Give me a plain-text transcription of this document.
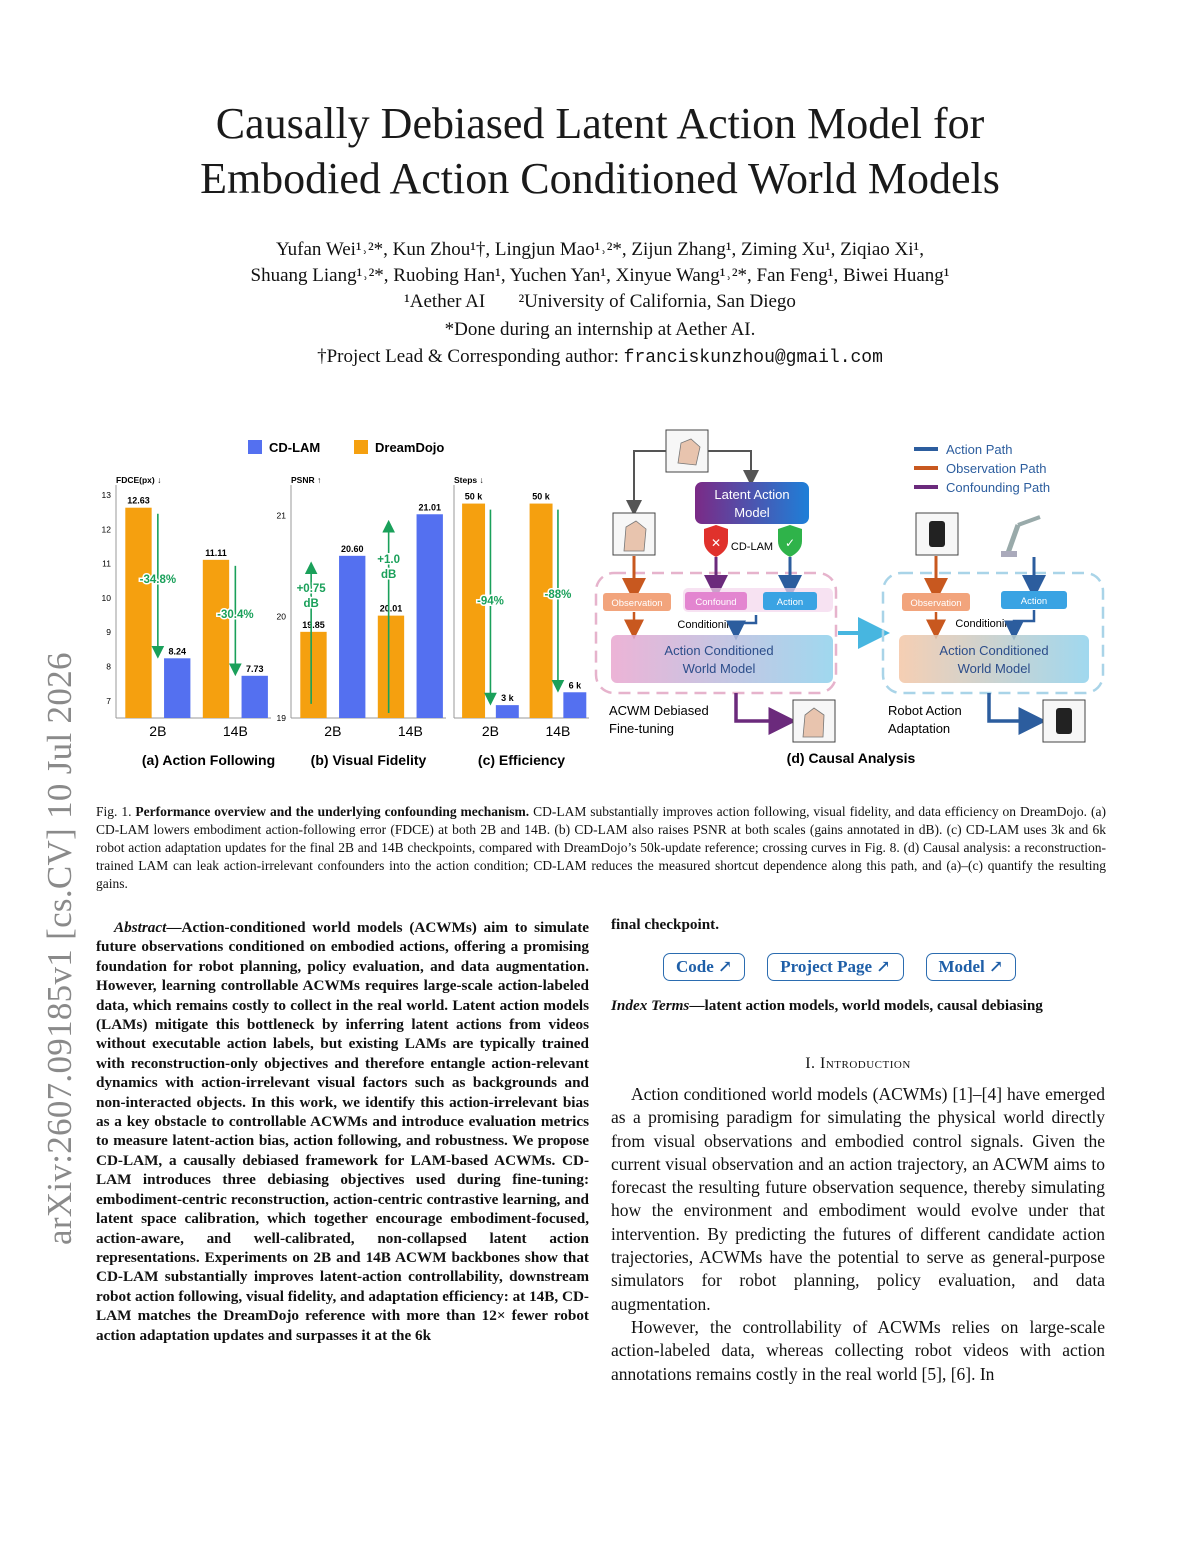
arXiv:2607.09185v1 [cs.CV] 10 Jul 2026
Causally Debiased Latent Action Model for
Embodied Action Conditioned World Models
Yufan Wei¹˒²*, Kun Zhou¹†, Lingjun Mao¹˒²*, Zijun Zhang¹, Ziming Xu¹, Ziqiao Xi¹,
Shuang Liang¹˒²*, Ruobing Han¹, Yuchen Yan¹, Xinyue Wang¹˒²*, Fan Feng¹, Biwei Huang¹
¹Aether AI ²University of California, San Diego
*Done during an internship at Aether AI.
†Project Lead & Corresponding author: franciskunzhou@gmail.com
CD-LAM	DreamDojo
FDCE(px) ↓
7
8
9
10
11
12
13
12.63
8.24
2B
-34.8%
11.11
7.73
14B
-30.4%
(a) Action Following
PSNR ↑
19
20
21
19.85
20.60
2B
+0.75
dB	20.01
21.01
14B
+1.0
dB
(b) Visual Fidelity
Steps ↓
50 k
3 k
2B
-94%
50 k
6 k
14B
-88%
(c) Efficiency
Action Path
Observation Path
Confounding Path
Latent Action
Model
✕ CD-LAM ✓
Observation	Confound	Action
Conditioning
Action Conditioned
World Model
ACWM Debiased
Fine-tuning
Observation	Action
Conditioning
Action Conditioned
World Model
Robot Action
Adaptation
(d) Causal Analysis
Fig. 1. Performance overview and the underlying confounding mechanism. CD-LAM substantially improves action following, visual fidelity, and data efficiency on DreamDojo. (a) CD-LAM lowers embodiment action-following error (FDCE) at both 2B and 14B. (b) CD-LAM also raises PSNR at both scales (gains annotated in dB). (c) CD-LAM uses 3k and 6k robot action adaptation updates for the final 2B and 14B checkpoints, compared with DreamDojo’s 50k-update reference; crossing curves in Fig. 8. (d) Causal analysis: a reconstruction-trained LAM can leak action-irrelevant confounders into the action condition; CD-LAM reduces the measured shortcut dependence along this path, and (a)–(c) quantify the resulting gains.
Abstract—Action-conditioned world models (ACWMs) aim to simulate future observations conditioned on embodied actions, offering a promising foundation for robot planning, policy evaluation, and data augmentation. However, learning controllable ACWMs requires large-scale action-labeled data, which remains costly to collect in the real world. Latent action models (LAMs) mitigate this bottleneck by inferring latent actions from videos without executable action labels, but existing LAMs are typically trained with reconstruction-only objectives and therefore entangle action-relevant dynamics with action-irrelevant visual factors such as backgrounds and non-interacted objects. In this work, we identify this action-irrelevant bias as a key obstacle to controllable ACWMs and introduce evaluation metrics to measure latent-action bias, action following, and robustness. We propose CD-LAM, a causally debiased framework for LAM-based ACWMs. CD-LAM introduces three debiasing objectives used during fine-tuning: embodiment-centric reconstruction, action-centric contrastive learning, and latent space calibration, which together encourage embodiment-focused, action-aware, and well-calibrated, non-collapsed latent action representations. Experiments on 2B and 14B ACWM backbones show that CD-LAM substantially improves latent-action controllability, downstream robot action following, visual fidelity, and adaptation efficiency: at 14B, CD-LAM matches the DreamDojo reference with more than 12× fewer robot action adaptation updates and surpasses it at the 6k
final checkpoint.
Code ↗	Project Page ↗	Model ↗
Index Terms—latent action models, world models, causal debiasing
I. Introduction
Action conditioned world models (ACWMs) [1]–[4] have emerged as a promising paradigm for simulating the physical world directly from visual observations and embodied control signals. Given the current visual observation and an action trajectory, an ACWM aims to forecast the resulting future observation sequence, thereby simulating how the environment and embodiment would evolve under that intervention. By predicting the futures of different candidate action trajectories, ACWMs have the potential to serve as general-purpose simulators for robot planning, policy evaluation, and data augmentation.
However, the controllability of ACWMs relies on large-scale action-labeled data, whereas collecting robot videos with action annotations remains costly in the real world [5], [6]. In
